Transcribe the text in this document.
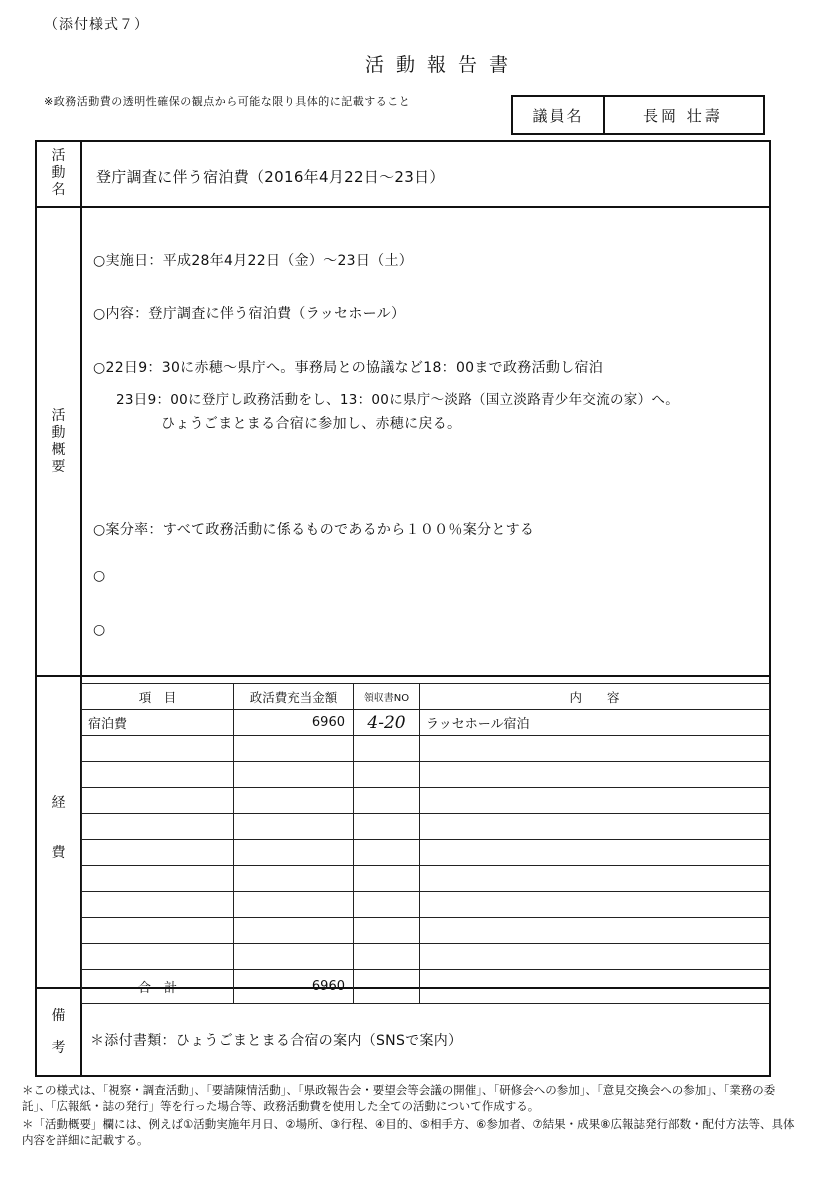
（添付様式７）
活動報告書
※政務活動費の透明性確保の観点から可能な限り具体的に記載すること
議員名	長岡 壮壽
活動名
登庁調査に伴う宿泊費（2016年4月22日～23日）
活動概要
○実施日：平成28年4月22日（金）～23日（土）
○内容：登庁調査に伴う宿泊費（ラッセホール）
○22日9：30に赤穂～県庁へ。事務局との協議など18：00まで政務活動し宿泊
23日9：00に登庁し政務活動をし、13：00に県庁～淡路（国立淡路青少年交流の家）へ。
ひょうごまとまる合宿に参加し、赤穂に戻る。
○案分率：すべて政務活動に係るものであるから１００％案分とする
○
○
経費
項　目	政活費充当金額	領収書NO	内　　容
宿泊費	6960	4-20	ラッセホール宿泊

合　計	6960		
備考 ＊添付書類：ひょうごまとまる合宿の案内（SNSで案内）
＊この様式は、「視察・調査活動」、「要請陳情活動」、「県政報告会・要望会等会議の開催」、「研修会への参加」、「意見交換会への参加」、「業務の委託」、「広報紙・誌の発行」等を行った場合等、政務活動費を使用した全ての活動について作成する。
＊「活動概要」欄には、例えば①活動実施年月日、②場所、③行程、④目的、⑤相手方、⑥参加者、⑦結果・成果⑧広報誌発行部数・配付方法等、具体内容を詳細に記載する。
